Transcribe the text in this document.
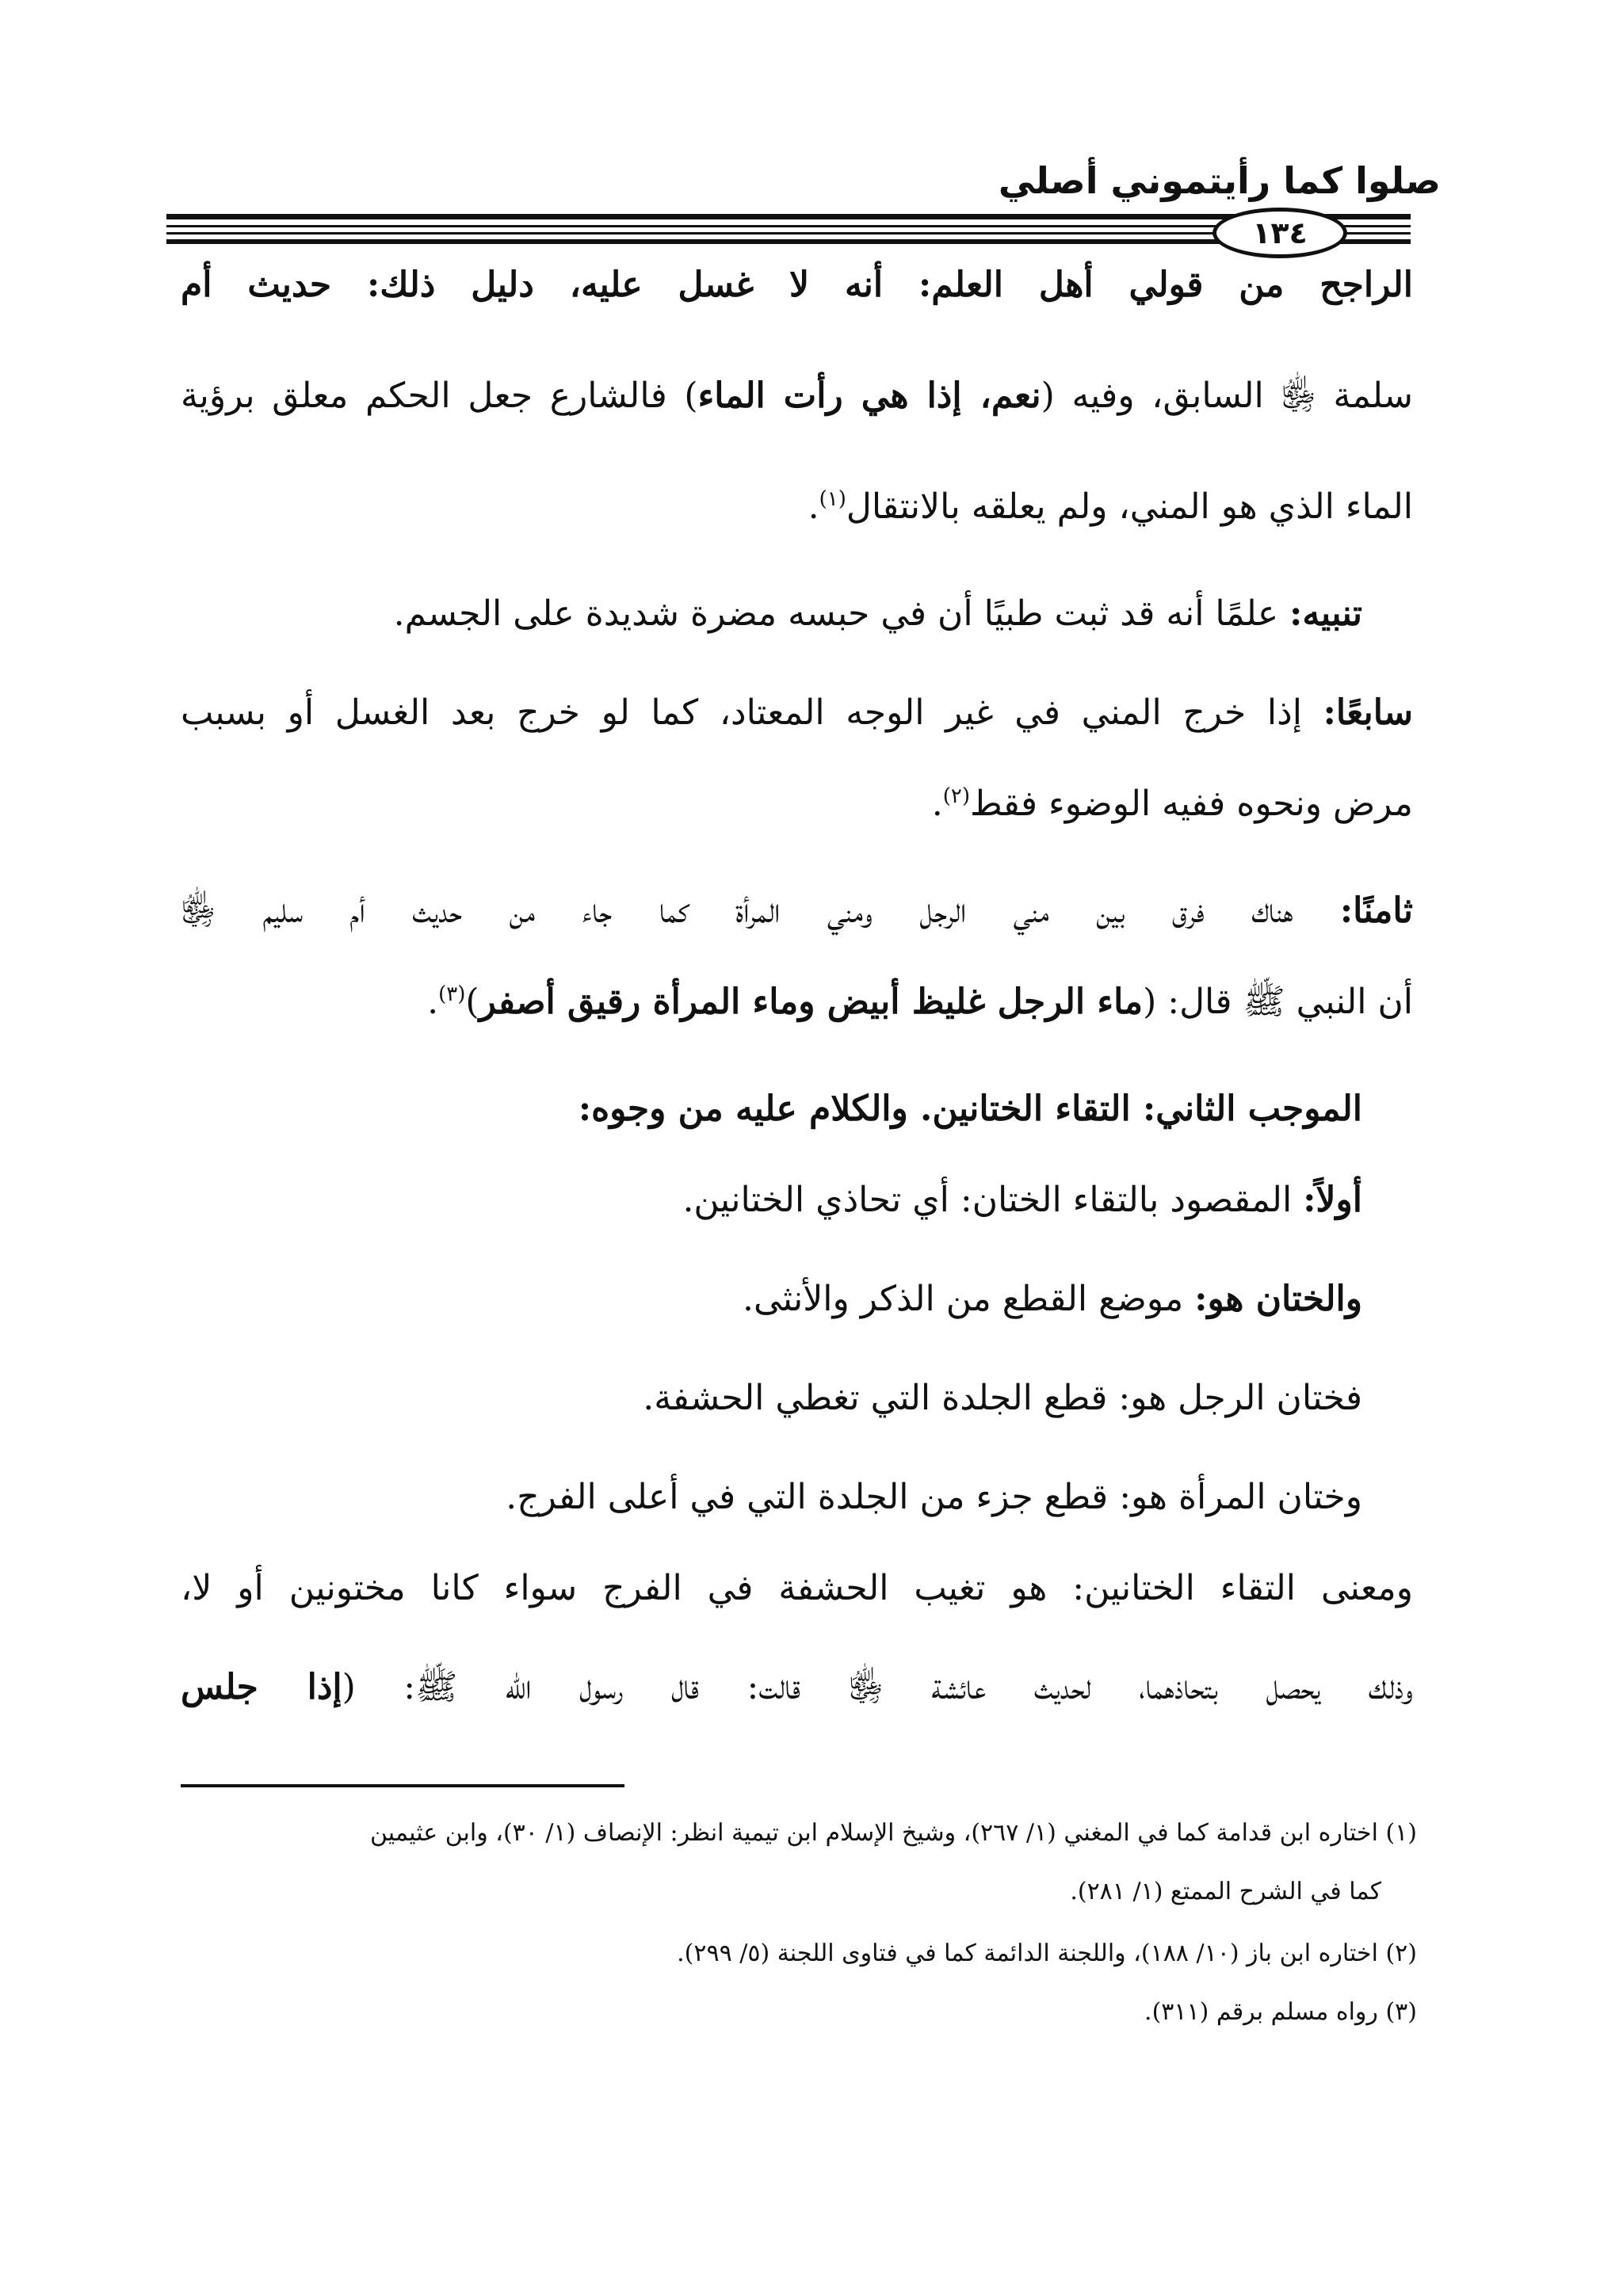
صلوا كما رأيتموني أصلي
١٣٤
الراجح من قولي أهل العلم: أنه لا غسل عليه، دليل ذلك: حديث أم
سلمة ﵂ السابق، وفيه (نعم، إذا هي رأت الماء) فالشارع جعل الحكم معلق برؤية
الماء الذي هو المني، ولم يعلقه بالانتقال$^{(١)}$.
تنبيه: علمًا أنه قد ثبت طبيًا أن في حبسه مضرة شديدة على الجسم.
سابعًا: إذا خرج المني في غير الوجه المعتاد، كما لو خرج بعد الغسل أو بسبب
مرض ونحوه ففيه الوضوء فقط$^{(٢)}$.
ثامنًا: هناك فرق بين مني الرجل ومني المرأة كما جاء من حديث أم سليم ﵂
أن النبي ﷺ قال: (ماء الرجل غليظ أبيض وماء المرأة رقيق أصفر)$^{(٣)}$.
الموجب الثاني: التقاء الختانين. والكلام عليه من وجوه:
أولاً: المقصود بالتقاء الختان: أي تحاذي الختانين.
والختان هو: موضع القطع من الذكر والأنثى.
فختان الرجل هو: قطع الجلدة التي تغطي الحشفة.
وختان المرأة هو: قطع جزء من الجلدة التي في أعلى الفرج.
ومعنى التقاء الختانين: هو تغيب الحشفة في الفرج سواء كانا مختونين أو لا،
وذلك يحصل بتحاذهما، لحديث عائشة ﵂ قالت: قال رسول الله ﷺ: (إذا جلس
(١) اختاره ابن قدامة كما في المغني (١/ ٢٦٧)، وشيخ الإسلام ابن تيمية انظر: الإنصاف (١/ ٣٠)، وابن عثيمين
كما في الشرح الممتع (١/ ٢٨١).
(٢) اختاره ابن باز (١٠/ ١٨٨)، واللجنة الدائمة كما في فتاوى اللجنة (٥/ ٢٩٩).
(٣) رواه مسلم برقم (٣١١).
